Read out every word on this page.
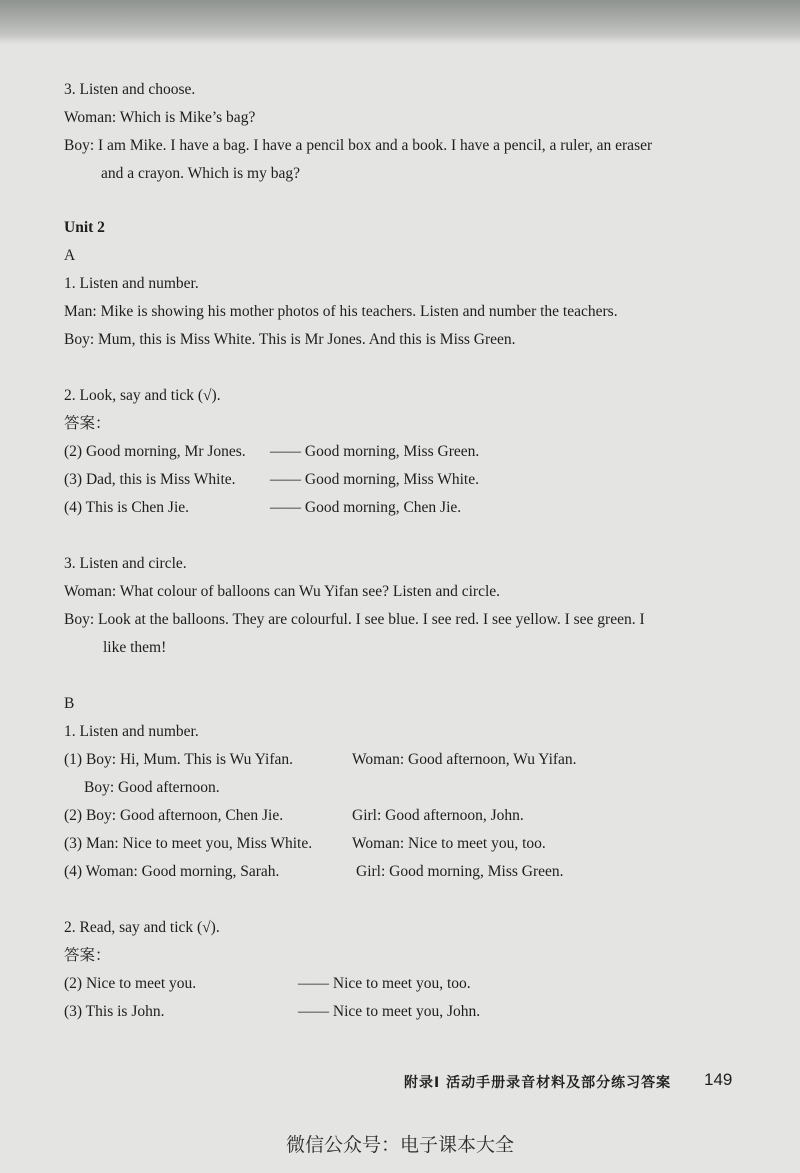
3. Listen and choose.
Woman: Which is Mike’s bag?
Boy: I am Mike. I have a bag. I have a pencil box and a book. I have a pencil, a ruler, an eraser
and a crayon. Which is my bag?
Unit 2
A
1. Listen and number.
Man: Mike is showing his mother photos of his teachers. Listen and number the teachers.
Boy: Mum, this is Miss White. This is Mr Jones. And this is Miss Green.
2. Look, say and tick (√).
答案：
(2) Good morning, Mr Jones. —— Good morning, Miss Green.
(3) Dad, this is Miss White. —— Good morning, Miss White.
(4) This is Chen Jie.	—— Good morning, Chen Jie.
3. Listen and circle.
Woman: What colour of balloons can Wu Yifan see? Listen and circle.
Boy: Look at the balloons. They are colourful. I see blue. I see red. I see yellow. I see green. I
like them!
B
1. Listen and number.
(1) Boy: Hi, Mum. This is Wu Yifan.	Woman: Good afternoon, Wu Yifan.
Boy: Good afternoon.
(2) Boy: Good afternoon, Chen Jie.	Girl: Good afternoon, John.
(3) Man: Nice to meet you, Miss White.	Woman: Nice to meet you, too.
(4) Woman: Good morning, Sarah.	Girl: Good morning, Miss Green.
2. Read, say and tick (√).
答案：
(2) Nice to meet you.	—— Nice to meet you, too.
(3) This is John.	—— Nice to meet you, John.
附录I 活动手册录音材料及部分练习答案 149
微信公众号：电子课本大全
